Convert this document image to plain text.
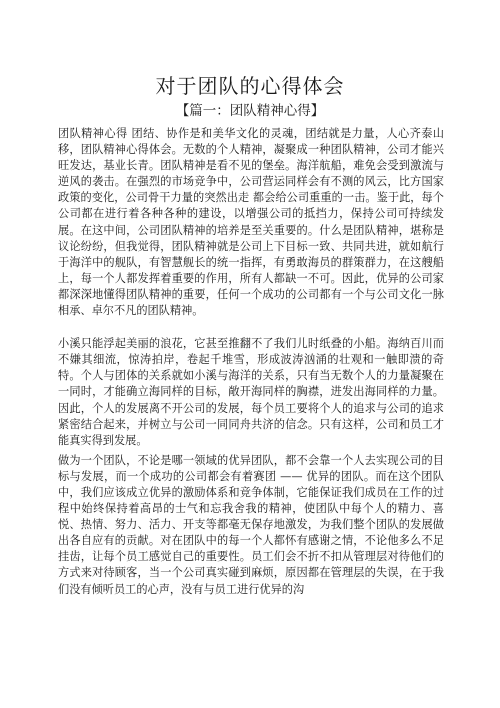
对于团队的心得体会
【篇一：团队精神心得】

团队精神心得 团结、协作是和美华文化的灵魂，团结就是力量，人心齐泰山移，团队精神心得体会。无数的个人精神，凝聚成一种团队精神，公司才能兴旺发达，基业长青。团队精神是看不见的堡垒。海洋航船，难免会受到激流与逆风的袭击。在强烈的市场竞争中，公司营运同样会有不测的风云，比方国家政策的变化，公司骨干力量的突然出走 都会给公司重重的一击。鉴于此，每个公司都在进行着各种各种的建设，以增强公司的抵挡力，保持公司可持续发展。在这中间，公司团队精神的培养是至关重要的。什么是团队精神，堪称是议论纷纷，但我觉得，团队精神就是公司上下目标一致、共同共进，就如航行于海洋中的舰队，有智慧舰长的统一指挥，有勇敢海员的群策群力，在这艘船上，每一个人都发挥着重要的作用，所有人都缺一不可。因此，优异的公司家都深深地懂得团队精神的重要，任何一个成功的公司都有一个与公司文化一脉相承、卓尔不凡的团队精神。

小溪只能浮起美丽的浪花，它甚至推翻不了我们儿时纸叠的小船。海纳百川而不嫌其细流，惊涛拍岸，卷起千堆雪，形成波涛汹涌的壮观和一触即溃的奇特。个人与团体的关系就如小溪与海洋的关系，只有当无数个人的力量凝聚在一同时，才能确立海同样的目标，敞开海同样的胸襟，进发出海同样的力量。因此，个人的发展离不开公司的发展，每个员工要将个人的追求与公司的追求紧密结合起来，并树立与公司一同同舟共济的信念。只有这样，公司和员工才能真实得到发展。

做为一个团队，不论是哪一领域的优异团队，都不会靠一个人去实现公司的目标与发展，而一个成功的公司都会有着赛团 —— 优异的团队。而在这个团队中，我们应该成立优异的激励体系和竞争体制，它能保证我们成员在工作的过程中始终保持着高昂的士气和忘我舍我的精神，使团队中每个人的精力、喜悦、热情、努力、活力、开支等都毫无保存地激发，为我们整个团队的发展做出各自应有的贡献。对在团队中的每一个人都怀有感谢之情，不论他多么不足挂齿，让每个员工感觉自己的重要性。员工们会不折不扣从管理层对待他们的方式来对待顾客，当一个公司真实碰到麻烦，原因都在管理层的失误，在于我们没有倾听员工的心声，没有与员工进行优异的沟
